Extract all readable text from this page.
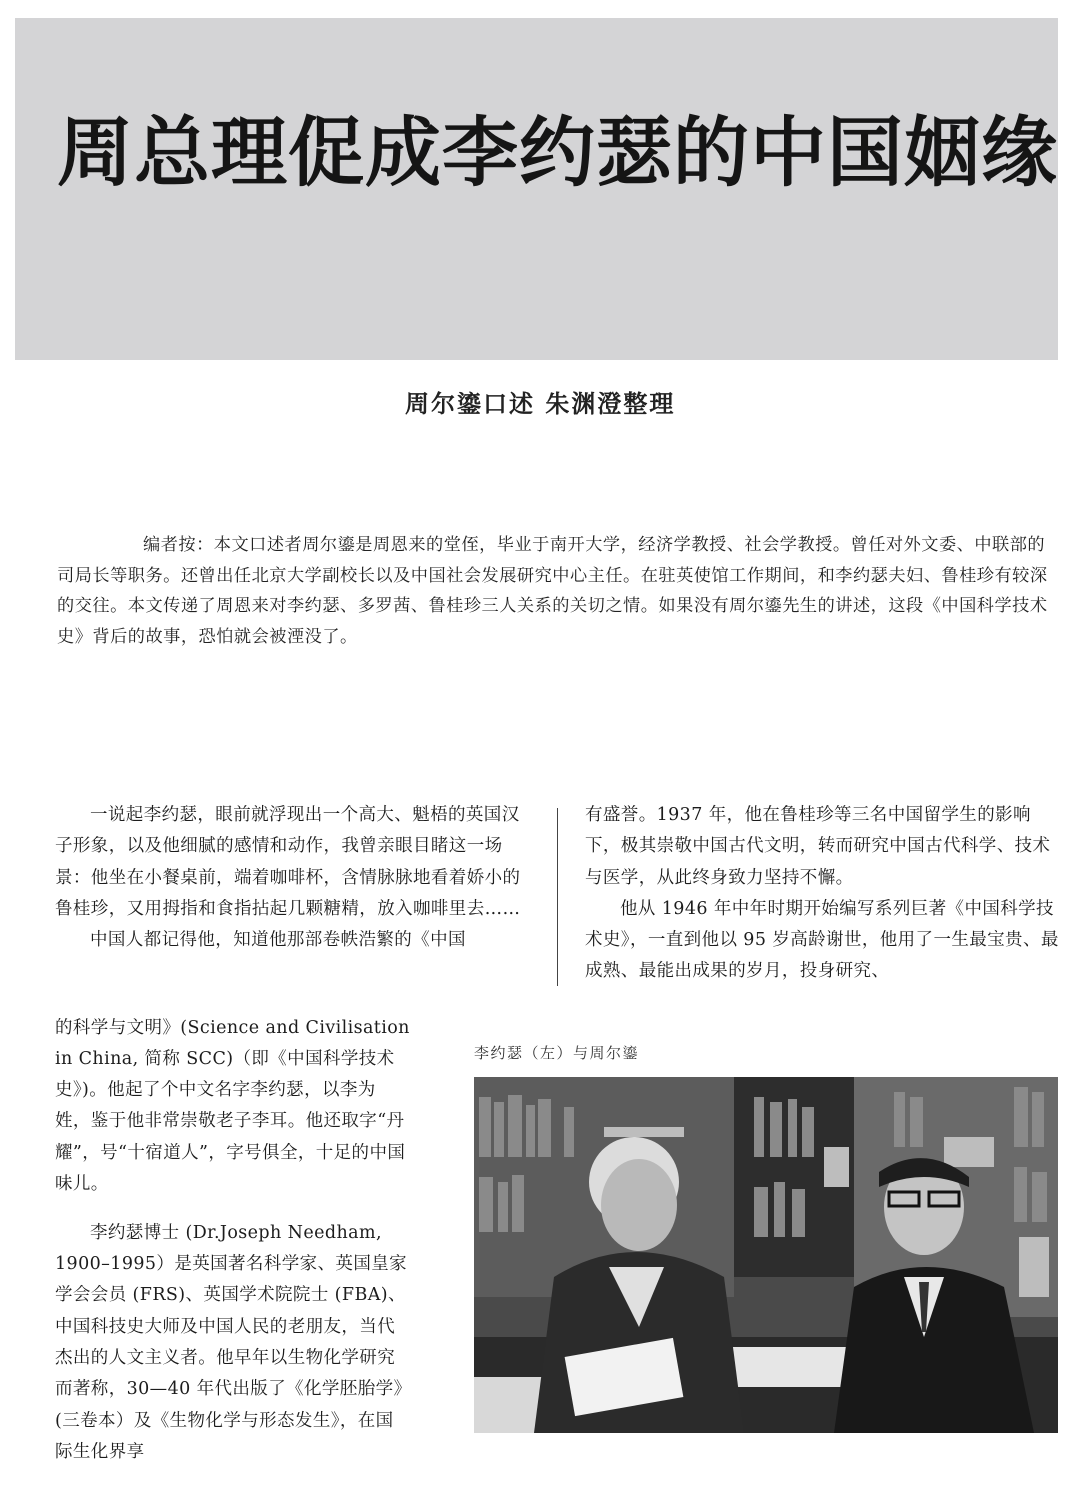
周总理促成李约瑟的中国姻缘
周尔鎏口述 朱渊澄整理

编者按：本文口述者周尔鎏是周恩来的堂侄，毕业于南开大学，经济学教授、社会学教授。曾任对外文委、中联部的司局长等职务。还曾出任北京大学副校长以及中国社会发展研究中心主任。在驻英使馆工作期间，和李约瑟夫妇、鲁桂珍有较深的交往。本文传递了周恩来对李约瑟、多罗茜、鲁桂珍三人关系的关切之情。如果没有周尔鎏先生的讲述，这段《中国科学技术史》背后的故事，恐怕就会被湮没了。

一说起李约瑟，眼前就浮现出一个高大、魁梧的英国汉子形象，以及他细腻的感情和动作，我曾亲眼目睹这一场景：他坐在小餐桌前，端着咖啡杯，含情脉脉地看着娇小的鲁桂珍，又用拇指和食指拈起几颗糖精，放入咖啡里去……

中国人都记得他，知道他那部卷帙浩繁的《中国

的科学与文明》(Science and Civilisation in China, 简称 SCC)（即《中国科学技术史》)。他起了个中文名字李约瑟，以李为姓，鉴于他非常崇敬老子李耳。他还取字“丹耀”，号“十宿道人”，字号俱全，十足的中国味儿。

李约瑟博士 (Dr.Joseph Needham, 1900–1995）是英国著名科学家、英国皇家学会会员 (FRS)、英国学术院院士 (FBA)、中国科技史大师及中国人民的老朋友，当代杰出的人文主义者。他早年以生物化学研究而著称，30—40 年代出版了《化学胚胎学》(三卷本）及《生物化学与形态发生》，在国际生化界享

有盛誉。1937 年，他在鲁桂珍等三名中国留学生的影响下，极其崇敬中国古代文明，转而研究中国古代科学、技术与医学，从此终身致力坚持不懈。

他从 1946 年中年时期开始编写系列巨著《中国科学技术史》，一直到他以 95 岁高龄谢世，他用了一生最宝贵、最成熟、最能出成果的岁月，投身研究、

李约瑟（左）与周尔鎏
